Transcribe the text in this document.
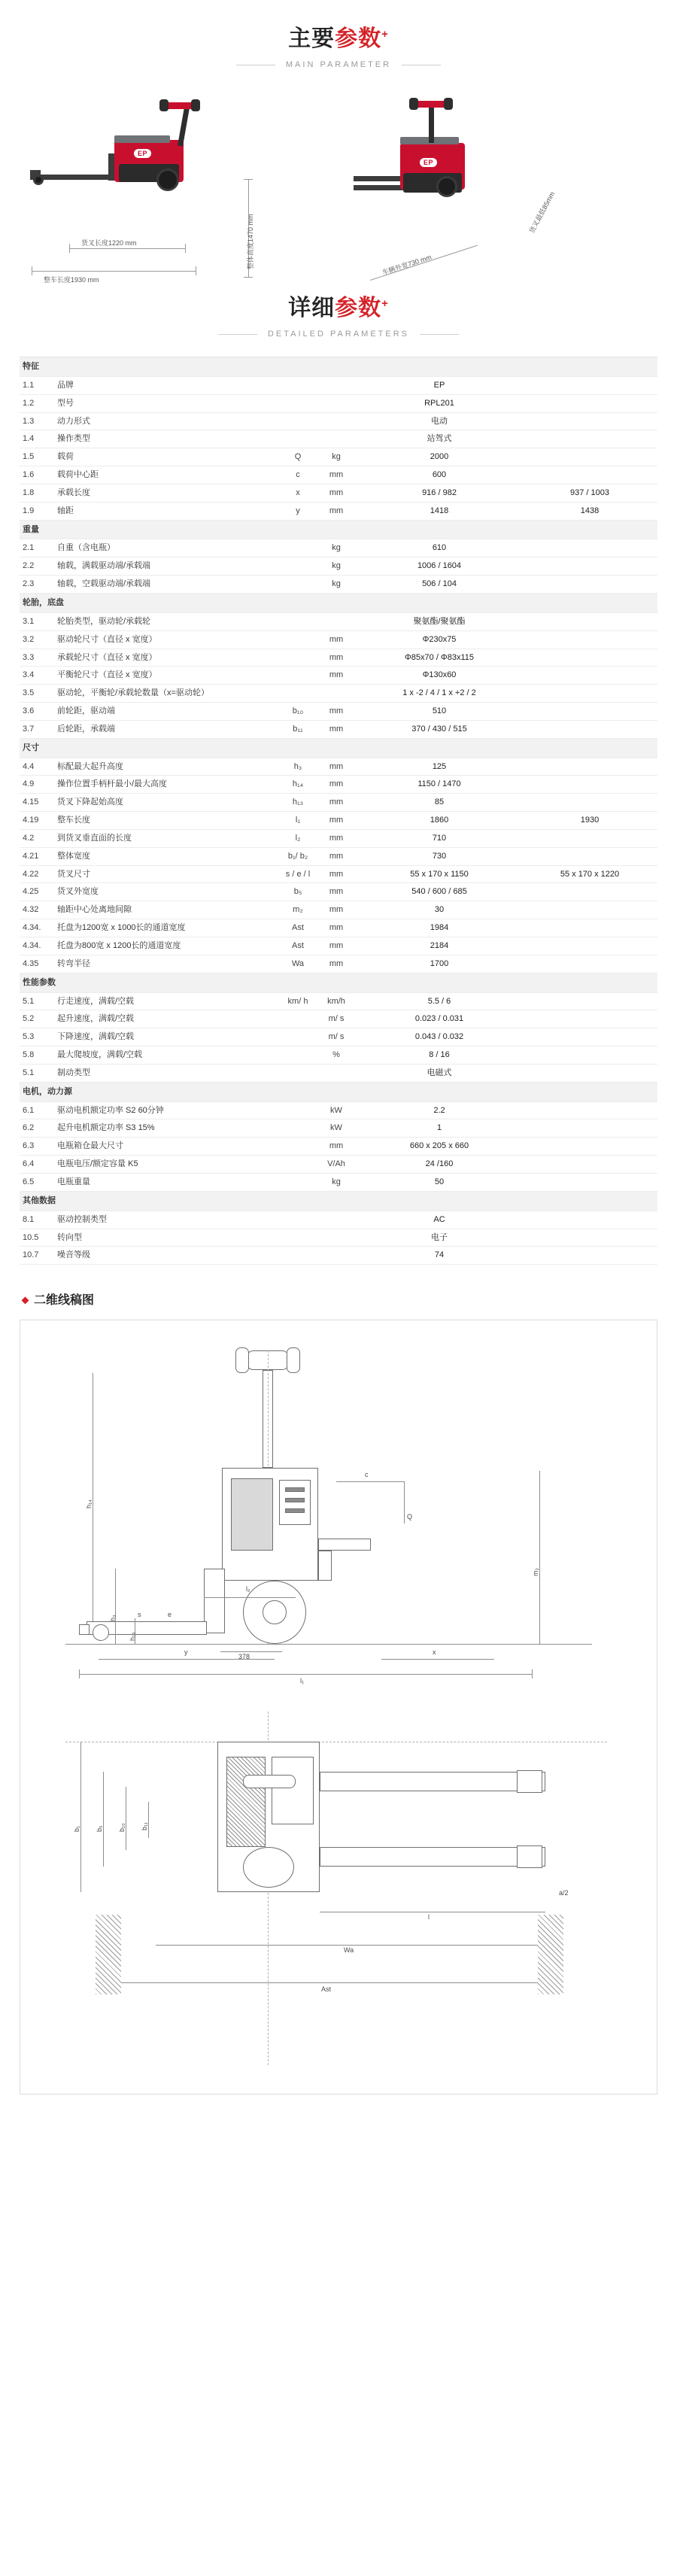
主要参数+
MAIN PARAMETER
EP
货叉长度1220 mm
整车长度1930 mm
整体高度1470 mm
EP
货叉最低85mm
车辆外宽730 mm
详细参数+
DETAILED PARAMETERS
特征					
1.1	品牌			EP	
1.2	型号			RPL201	
1.3	动力形式			电动	
1.4	操作类型			站驾式	
1.5	载荷	Q	kg	2000	
1.6	载荷中心距	c	mm	600	
1.8	承载长度	x	mm	916 / 982	937 / 1003
1.9	轴距	y	mm	1418	1438
重量					
2.1	自重（含电瓶）		kg	610	
2.2	轴载，满载驱动端/承载端		kg	1006 / 1604	
2.3	轴载，空载驱动端/承载端		kg	506 / 104	
轮胎，底盘					
3.1	轮胎类型，驱动轮/承载轮			聚氨酯/聚氨酯	
3.2	驱动轮尺寸（直径 x 宽度）		mm	Φ230x75	
3.3	承载轮尺寸（直径 x 宽度）		mm	Φ85x70 / Φ83x115	
3.4	平衡轮尺寸（直径 x 宽度）		mm	Φ130x60	
3.5	驱动轮，平衡轮/承载轮数量（x=驱动轮）			1 x -2 / 4 / 1 x +2 / 2	
3.6	前轮距，驱动端	b₁₀	mm	510	
3.7	后轮距，承载端	b₁₁	mm	370 / 430 / 515	
尺寸					
4.4	标配最大起升高度	h₃	mm	125	
4.9	操作位置手柄杆最小/最大高度	h₁₄	mm	1150 / 1470	
4.15	货叉下降起始高度	h₁₃	mm	85	
4.19	整车长度	l₁	mm	1860	1930
4.2	到货叉垂直面的长度	l₂	mm	710	
4.21	整体宽度	b₁/ b₂	mm	730	
4.22	货叉尺寸	s / e / l	mm	55 x 170 x 1150	55 x 170 x 1220
4.25	货叉外宽度	b₅	mm	540 / 600 / 685	
4.32	轴距中心处离地间隙	m₂	mm	30	
4.34.	托盘为1200宽 x 1000长的通道宽度	Ast	mm	1984	
4.34.	托盘为800宽 x 1200长的通道宽度	Ast	mm	2184	
4.35	转弯半径	Wa	mm	1700	
性能参数					
5.1	行走速度，满载/空载	km/ h	km/h	5.5 / 6	
5.2	起升速度，满载/空载		m/ s	0.023 / 0.031	
5.3	下降速度，满载/空载		m/ s	0.043 / 0.032	
5.8	最大爬坡度，满载/空载		%	8 / 16	
5.1	制动类型			电磁式	
电机，动力源					
6.1	驱动电机额定功率 S2 60分钟		kW	2.2	
6.2	起升电机额定功率 S3 15%		kW	1	
6.3	电瓶箱仓最大尺寸		mm	660 x 205 x 660	
6.4	电瓶电压/额定容量 K5		V/Ah	24 /160	
6.5	电瓶重量		kg	50	
其他数据					
8.1	驱动控制类型			AC	
10.5	转向型			电子	
10.7	噪音等级			74	
二维线稿图
h₁₄
h₃
h₁₃
c
Q
l₂
l₁
y
s	e
378
x
m₂
b₁ b₅ b₁₀ b₁₁
l
Wa
Ast
a/2
